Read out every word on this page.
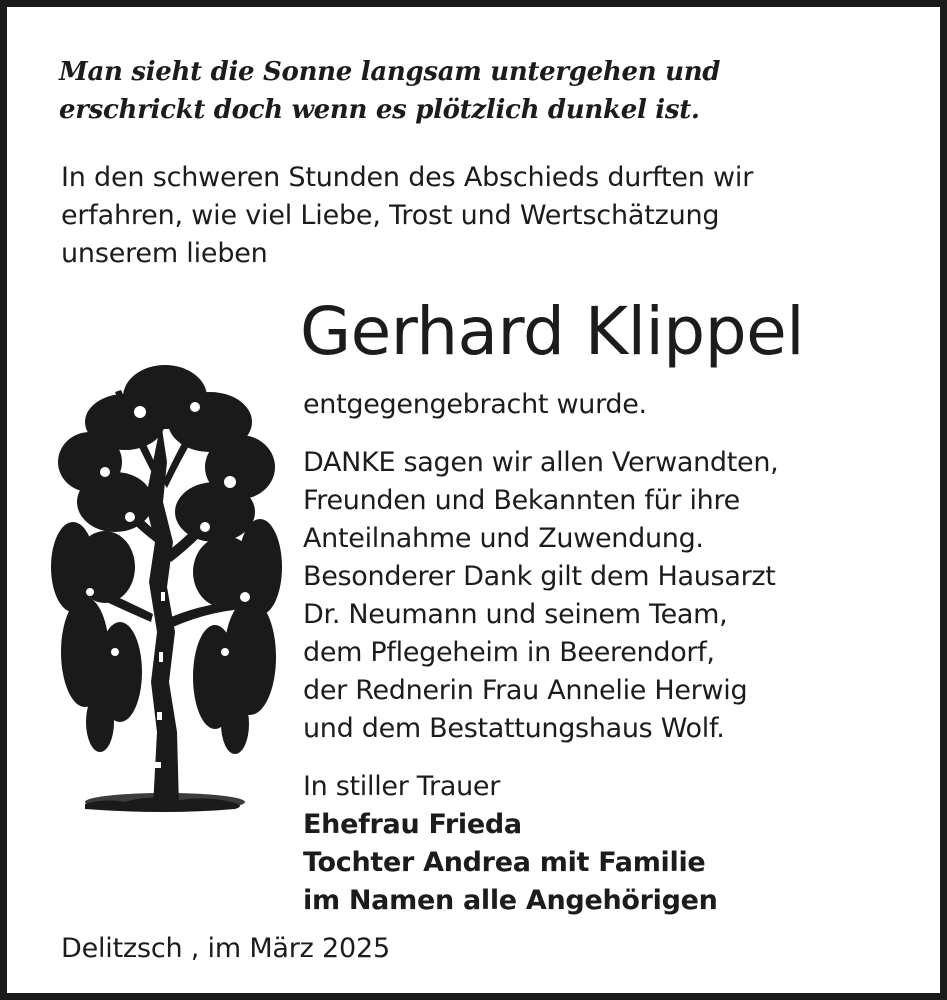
Man sieht die Sonne langsam untergehen und
erschrickt doch wenn es plötzlich dunkel ist.
In den schweren Stunden des Abschieds durften wir
erfahren, wie viel Liebe, Trost und Wertschätzung
unserem lieben
Gerhard Klippel
entgegengebracht wurde.
DANKE sagen wir allen Verwandten,
Freunden und Bekannten für ihre
Anteilnahme und Zuwendung.
Besonderer Dank gilt dem Hausarzt
Dr. Neumann und seinem Team,
dem Pflegeheim in Beerendorf,
der Rednerin Frau Annelie Herwig
und dem Bestattungshaus Wolf.
In stiller Trauer
Ehefrau Frieda
Tochter Andrea mit Familie
im Namen alle Angehörigen
Delitzsch , im März 2025
